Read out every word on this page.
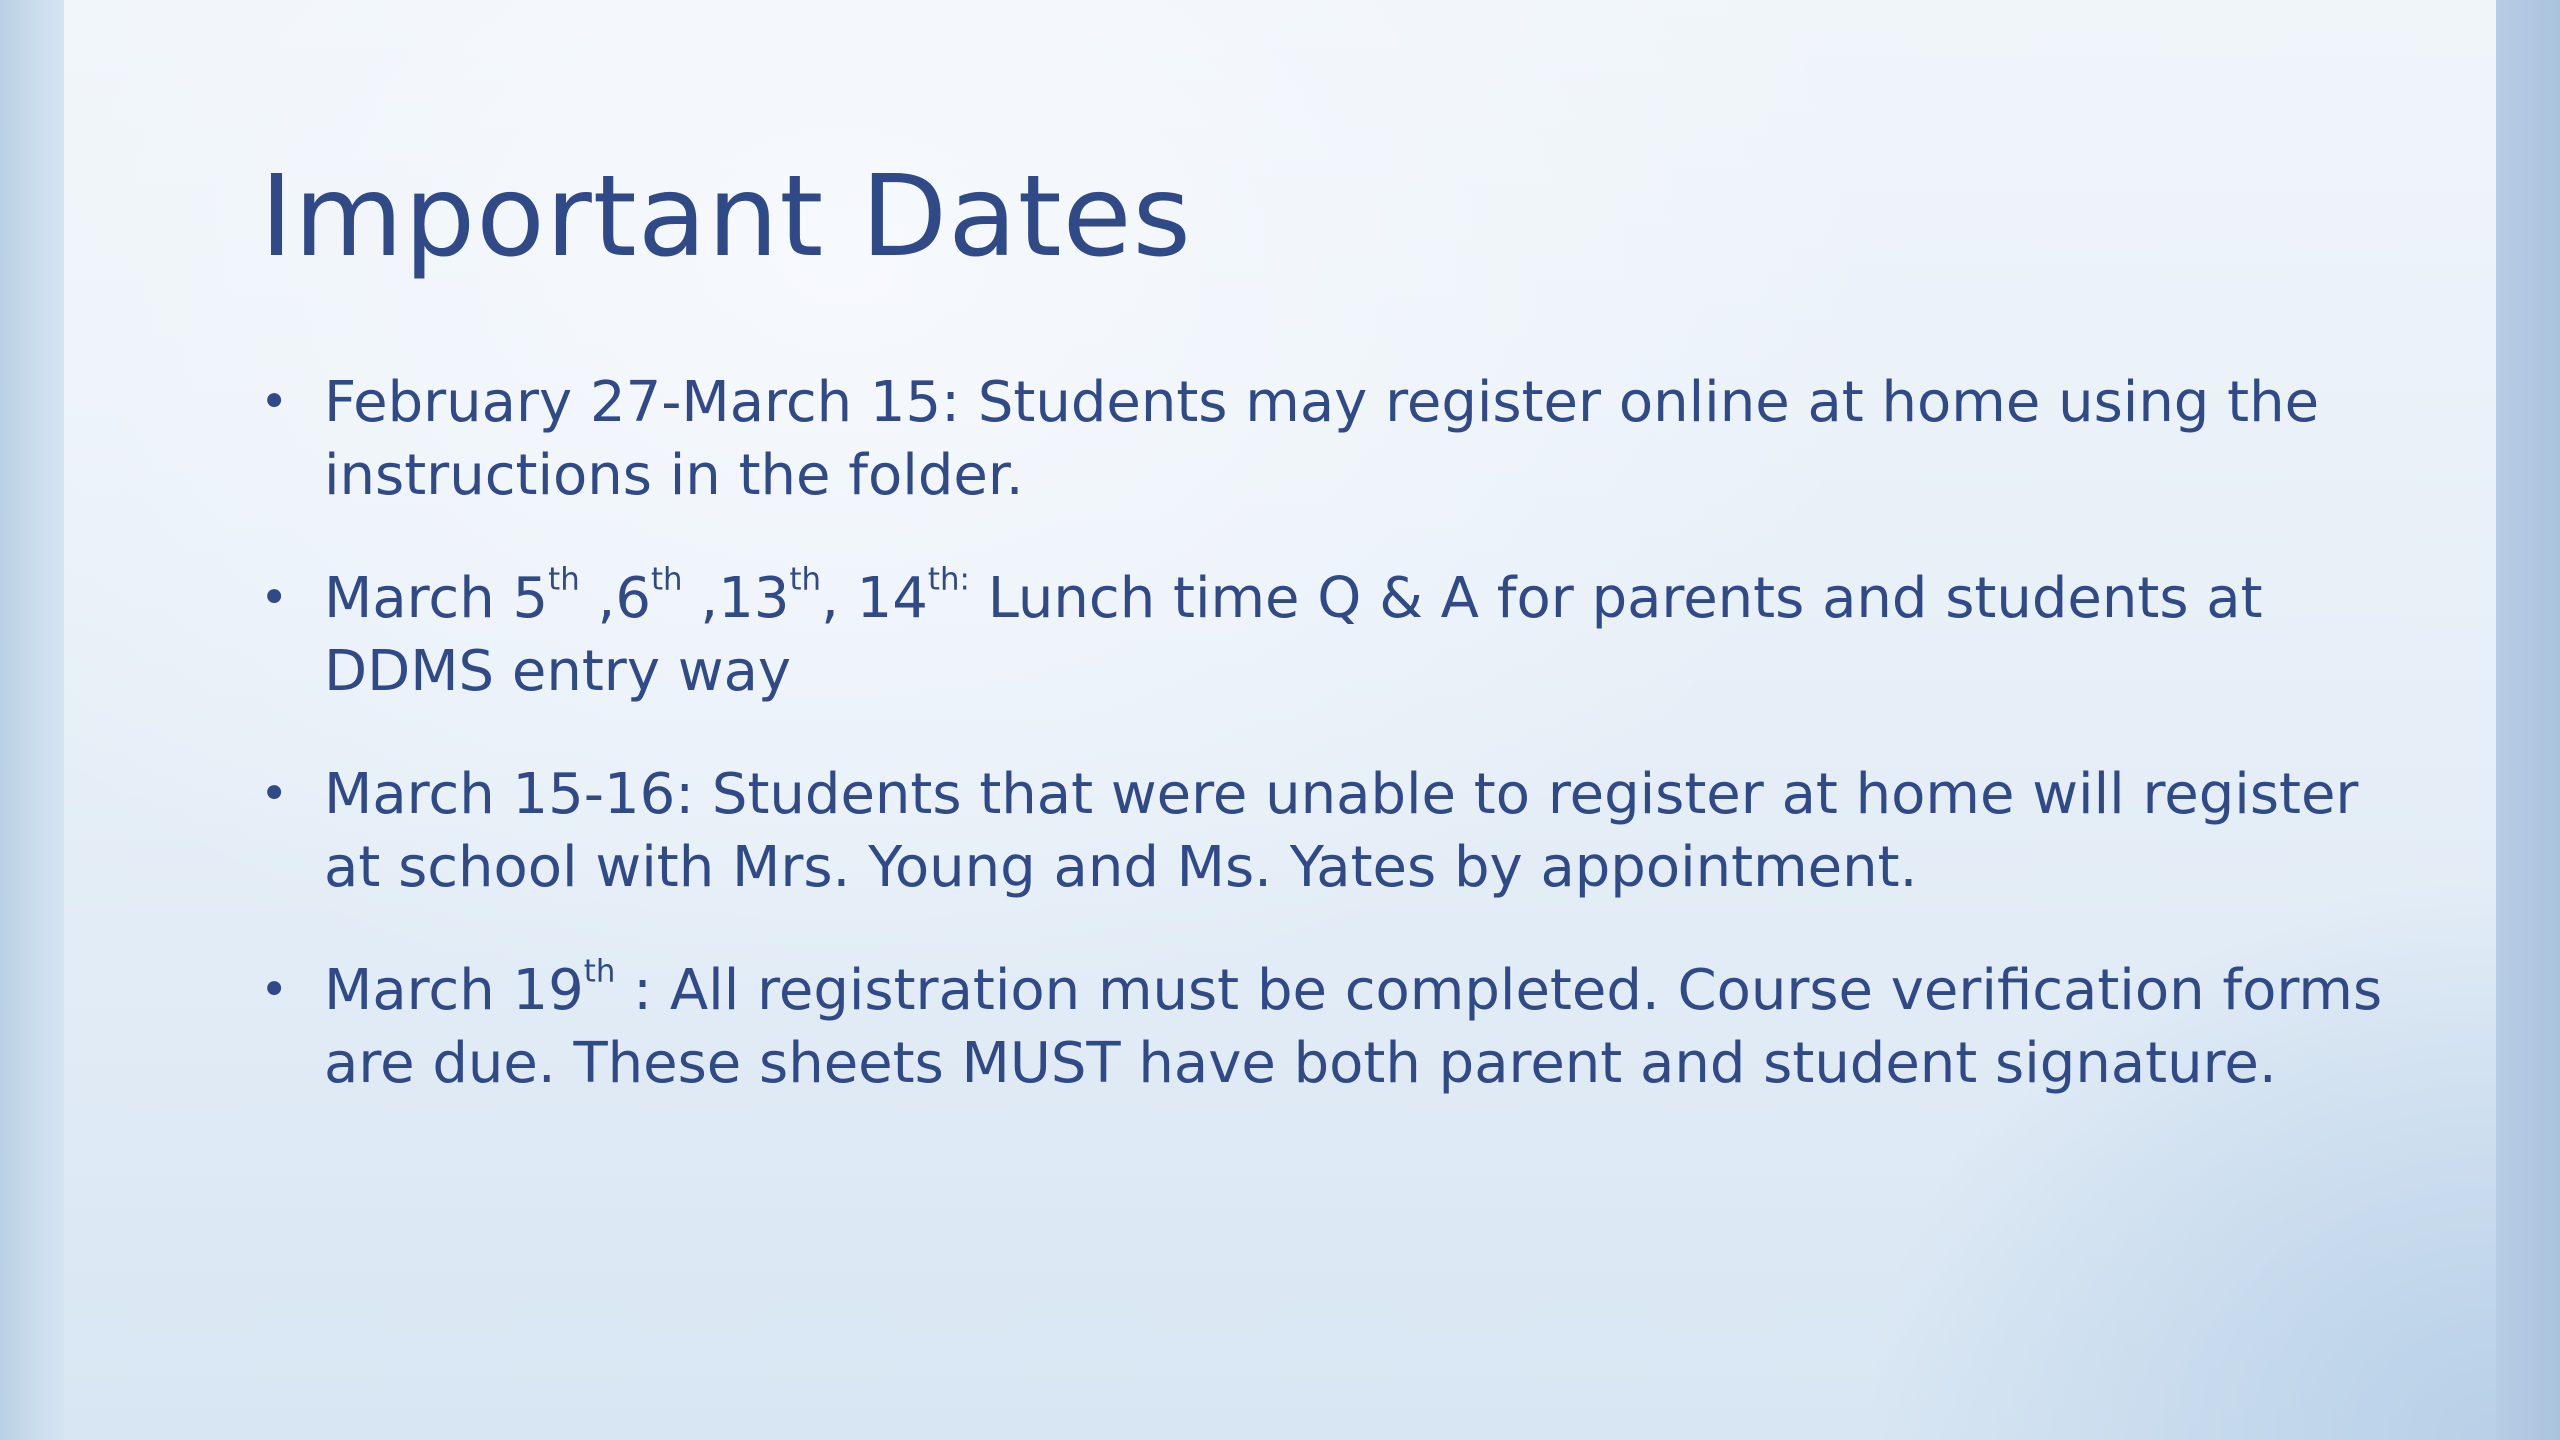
Important Dates
• February 27-March 15: Students may register online at home using the instructions in the folder.
• March 5th ,6th ,13th, $14^{th:}$ Lunch time Q & A for parents and students at DDMS entry way
• March 15-16: Students that were unable to register at home will register at school with Mrs. Young and Ms. Yates by appointment.
• March 19th : All registration must be completed. Course verification forms are due. These sheets MUST have both parent and student signature.
